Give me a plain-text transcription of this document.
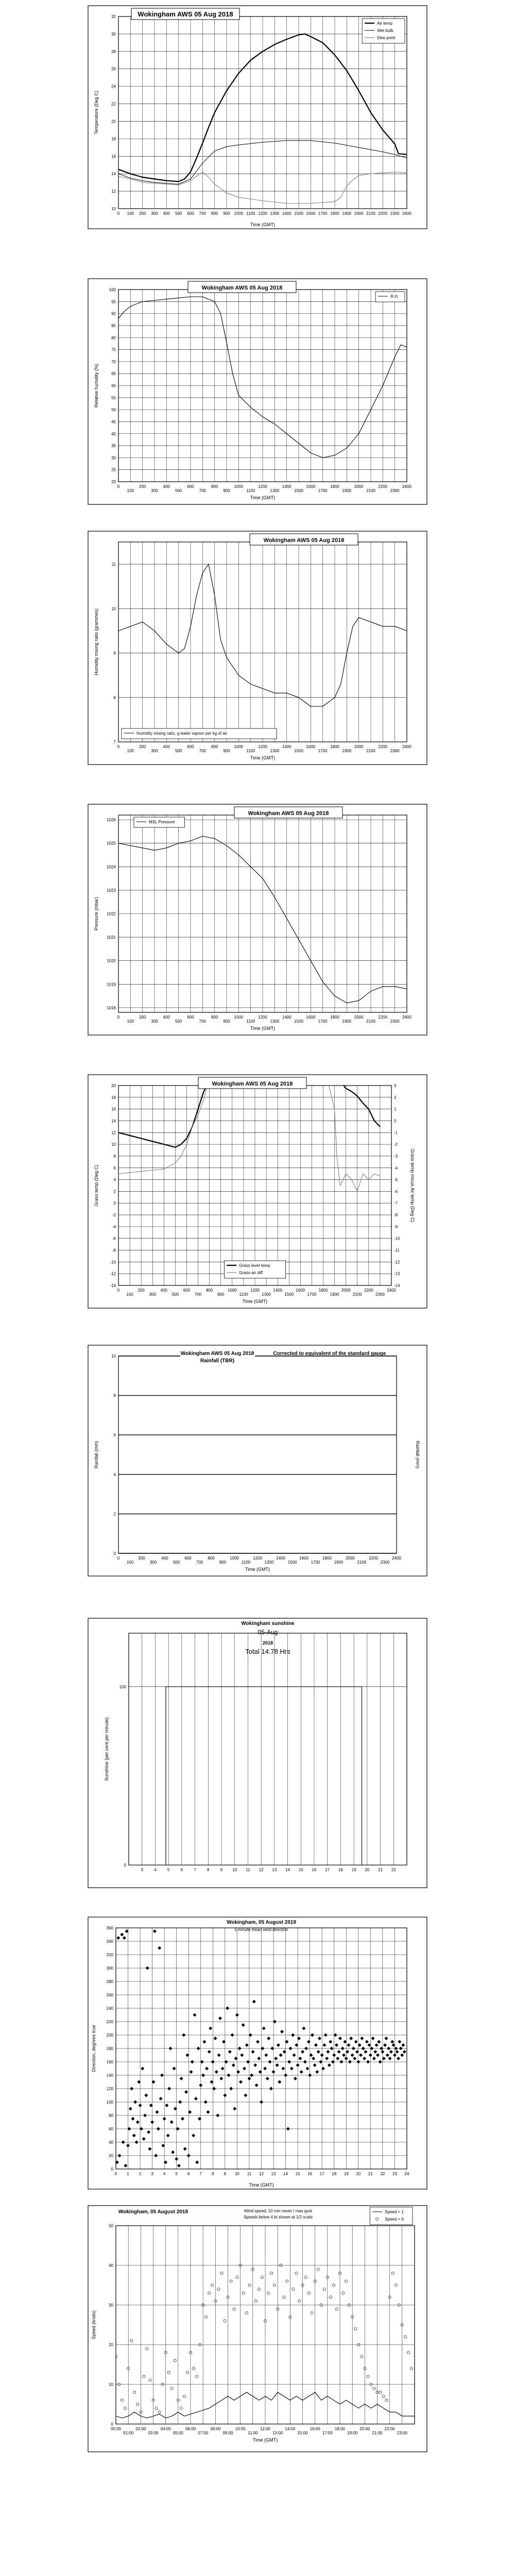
10
12
14
16
18
20
22
24
26
28
30
32
0 100 200 300 400 500 600 700 800 900 1000 1100 1200 1300 1400 1500 1600 1700 1800 1900 2000 2100 2200 2300 2400
Time (GMT)
Temperature (Deg C)
Wokingham AWS 05 Aug 2018
Air temp
Wet bulb
Dew point
20
25
30
35
40
45
50
55
60
65
70
75
80
85
90
95
100
0
100
200
300
400
500
600
700
800
900
1000
1100
1200
1300
1400
1500
1600
1700
1800
1900
2000
2100
2200
2300
2400
Time (GMT)
Relative humidity (%)
Wokingham AWS 05 Aug 2018
R.H.
7
8
9
10
11
0
100
200
300
400
500
600
700
800
900
1000
1100
1200
1300
1400
1500
1600
1700
1800
1900
2000
2100
2200
2300
2400
Time (GMT)
Humidity mixing ratio (grammes)
Wokingham AWS 05 Aug 2018
Humidity mixing ratio, g water vapour per kg of air
1018
1019
1020
1021
1022
1023
1024
1025
1026
0
100
200
300
400
500
600
700
800
900
1000
1100
1200
1300
1400
1500
1600
1700
1800
1900
2000
2100
2200
2300
2400
Time (GMT)
Pressure (mbar)
Wokingham AWS 05 Aug 2018
MSL Pressure
-14
-12
-10
-8
-6
-4
-2
0
2
4
6
8
10
12
14
16
18
20
0
100
200
300
400
500
600
700
800
900
1000
1100
1200
1300
1400
1500
1600
1700
1800
1900
2000
2100
2200
2300
2400
-14
-13
-12
-11
-10
-9
-8
-7
-6
-5
-4
-3
-2
-1
0
1
2
3
Time (GMT)
Grass temp (Deg C)	Grass temp minus Air temp (Deg C)
Wokingham AWS 05 Aug 2018
Grass level temp
Grass-air diff
0
2
4
6
8
10
0
100
200
300
400
500
600
700
800
900
1000
1100
1200
1300
1400
1500
1600
1700
1800
1900
2000
2100
2200
2300
2400
Time (GMT)
Rainfall (mm)	Rainfall (mm)
Wokingham AWS 05 Aug 2018
Rainfall (TBR)
Corrected to equivalent of the standard gauge
0
100
3	4	5	6	7	8	9 10 11 12 13 14 15 16 17 18 19 20 21 22
Sunshine (per cent per minute)
Wokingham sunshine
05-Aug
2018
Total 14.78 Hrs
0
20
40
60
80
100
120
140
160
180
200
220
240
260
280
300
320
340
360
0 1 2 3 4 5 6 7 8 9 10 11 12 13 14 15 16 17 18 19 20 21 22 23 24
Time (GMT)
Direction, degrees true
Wokingham, 05 August 2018
5 minute mean wind direction
0
10
20
30
40
50
00:00
01:00
02:00
03:00
04:00
05:00
06:00
07:00
08:00
09:00
10:00
11:00
12:00
13:00
14:00
15:00
16:00
17:00
18:00
19:00
20:00
21:00
22:00
23:00
Time (GMT)
Speed (knots)
Wokingham, 05 August 2018	Wind speed, 10 min mean / max gust
Speeds below 4 kt shown at 1/2 scale
Speed < 1
Speed > 6
